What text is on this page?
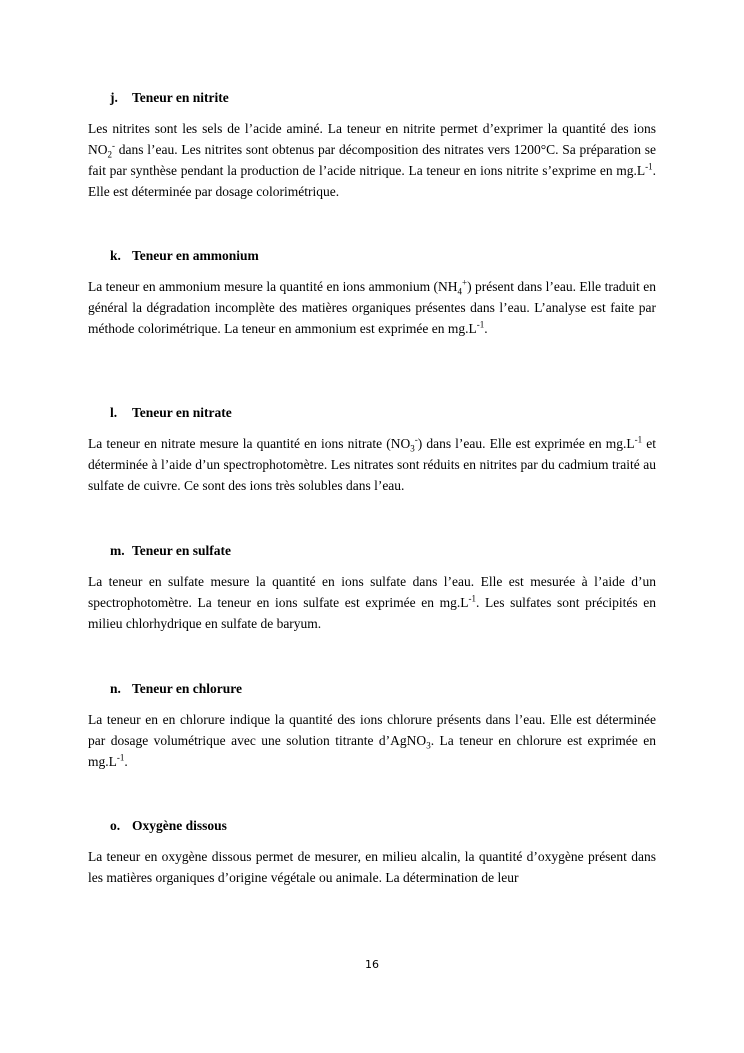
j.	Teneur en nitrite

Les nitrites sont les sels de l’acide aminé. La teneur en nitrite permet d’exprimer la quantité des ions $NO_2^-$ dans l’eau. Les nitrites sont obtenus par décomposition des nitrates vers 1200°C. Sa préparation se fait par synthèse pendant la production de l’acide nitrique. La teneur en ions nitrite s’exprime en $mg.L^{-1}$. Elle est déterminée par dosage colorimétrique.

k. Teneur en ammonium

La teneur en ammonium mesure la quantité en ions ammonium $(NH_4^+)$ présent dans l’eau. Elle traduit en général la dégradation incomplète des matières organiques présentes dans l’eau. L’analyse est faite par méthode colorimétrique. La teneur en ammonium est exprimée en $mg.L^{-1}$.

l.	Teneur en nitrate

La teneur en nitrate mesure la quantité en ions nitrate $(NO_3^-)$ dans l’eau. Elle est exprimée en $mg.L^{-1}$ et déterminée à l’aide d’un spectrophotomètre. Les nitrates sont réduits en nitrites par du cadmium traité au sulfate de cuivre. Ce sont des ions très solubles dans l’eau.

m. Teneur en sulfate

La teneur en sulfate mesure la quantité en ions sulfate dans l’eau. Elle est mesurée à l’aide d’un spectrophotomètre. La teneur en ions sulfate est exprimée en $mg.L^{-1}$. Les sulfates sont précipités en milieu chlorhydrique en sulfate de baryum.

n. Teneur en chlorure

La teneur en en chlorure indique la quantité des ions chlorure présents dans l’eau. Elle est déterminée par dosage volumétrique avec une solution titrante d’AgNO$_3$. La teneur en chlorure est exprimée en $mg.L^{-1}$.

o. Oxygène dissous

La teneur en oxygène dissous permet de mesurer, en milieu alcalin, la quantité d’oxygène présent dans les matières organiques d’origine végétale ou animale. La détermination de leur

16
